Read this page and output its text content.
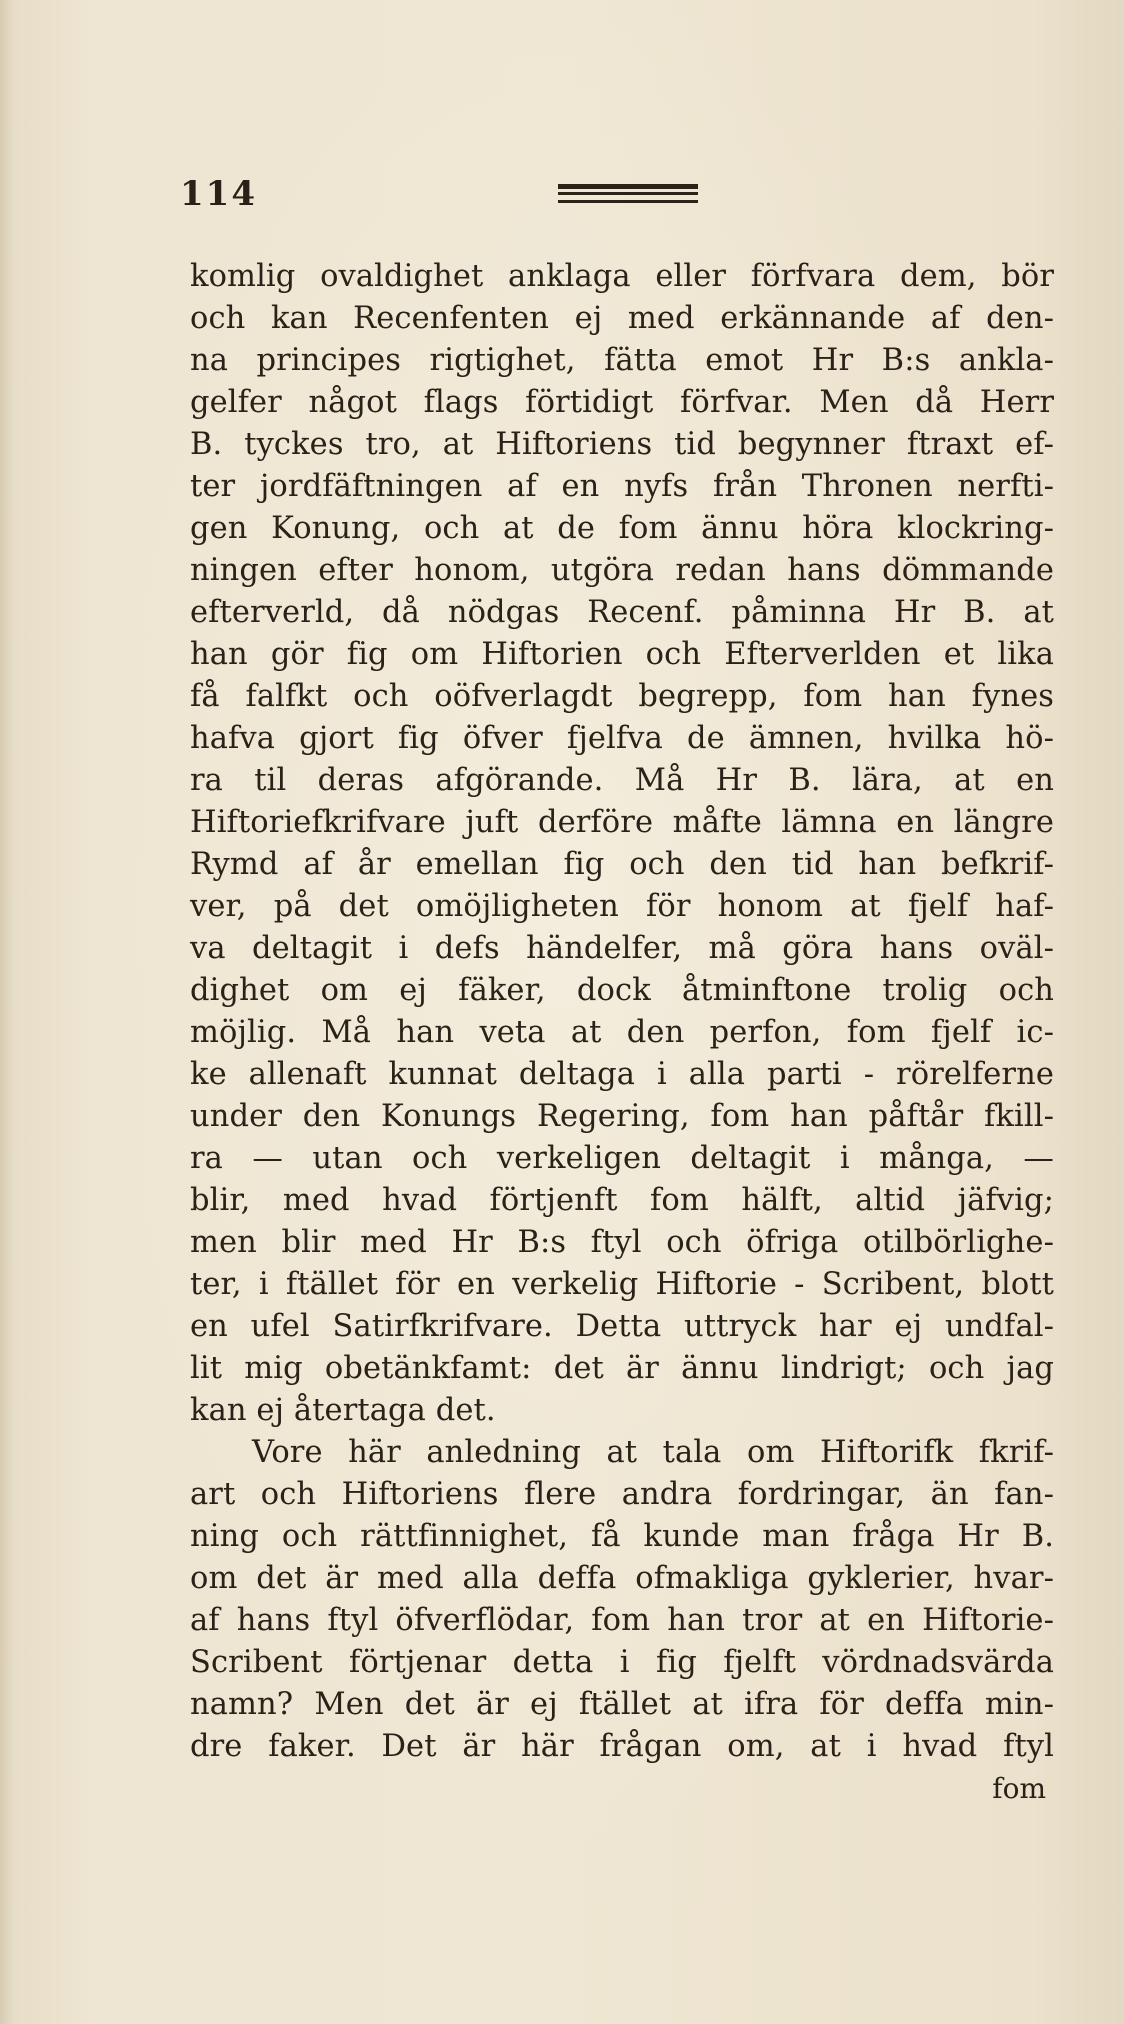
114
komlig ovaldighet anklaga eller förfvara dem, bör
och kan Recenfenten ej med erkännande af den-
na principes rigtighet, fätta emot Hr B:s ankla-
gelfer något flags förtidigt förfvar. Men då Herr
B. tyckes tro, at Hiftoriens tid begynner ftraxt ef-
ter jordfäftningen af en nyfs från Thronen nerfti-
gen Konung, och at de fom ännu höra klockring-
ningen efter honom, utgöra redan hans dömmande
efterverld, då nödgas Recenf. påminna Hr B. at
han gör fig om Hiftorien och Efterverlden et lika
få falfkt och oöfverlagdt begrepp, fom han fynes
hafva gjort fig öfver fjelfva de ämnen, hvilka hö-
ra til deras afgörande. Må Hr B. lära, at en
Hiftoriefkrifvare juft derföre måfte lämna en längre
Rymd af år emellan fig och den tid han befkrif-
ver, på det omöjligheten för honom at fjelf haf-
va deltagit i defs händelfer, må göra hans oväl-
dighet om ej fäker, dock åtminftone trolig och
möjlig. Må han veta at den perfon, fom fjelf ic-
ke allenaft kunnat deltaga i alla parti - rörelferne
under den Konungs Regering, fom han påftår fkill-
ra — utan och verkeligen deltagit i många, —
blir, med hvad förtjenft fom hälft, altid jäfvig;
men blir med Hr B:s ftyl och öfriga otilbörlighe-
ter, i ftället för en verkelig Hiftorie - Scribent, blott
en ufel Satirfkrifvare. Detta uttryck har ej undfal-
lit mig obetänkfamt: det är ännu lindrigt; och jag
kan ej återtaga det.
Vore här anledning at tala om Hiftorifk fkrif-
art och Hiftoriens flere andra fordringar, än fan-
ning och rättfinnighet, få kunde man fråga Hr B.
om det är med alla deffa ofmakliga gyklerier, hvar-
af hans ftyl öfverflödar, fom han tror at en Hiftorie-
Scribent förtjenar detta i fig fjelft vördnadsvärda
namn? Men det är ej ftället at ifra för deffa min-
dre faker. Det är här frågan om, at i hvad ftyl
fom
